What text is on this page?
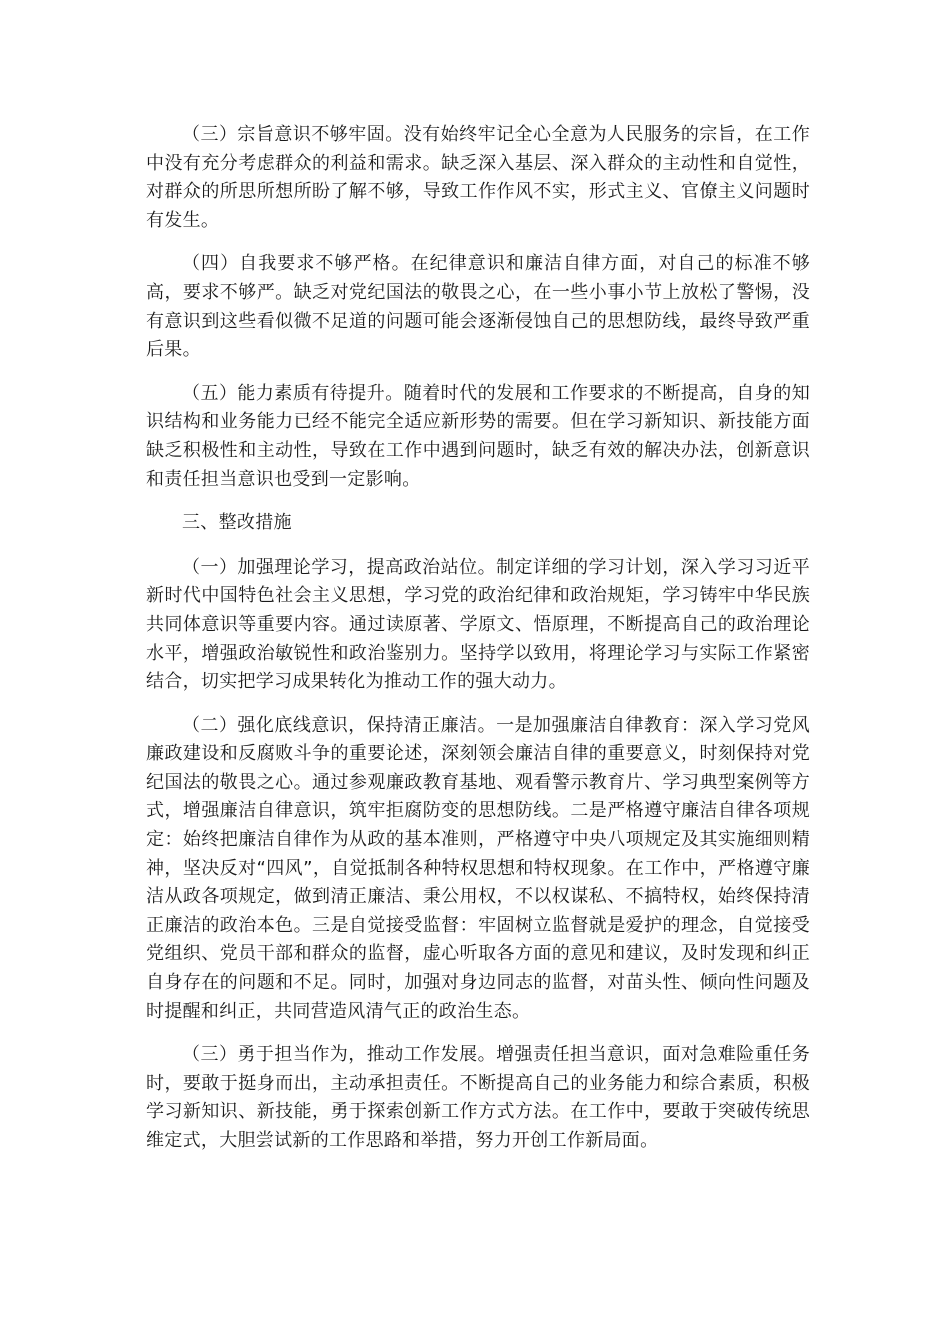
（三）宗旨意识不够牢固。没有始终牢记全心全意为人民服务的宗旨，在工作中没有充分考虑群众的利益和需求。缺乏深入基层、深入群众的主动性和自觉性，对群众的所思所想所盼了解不够，导致工作作风不实，形式主义、官僚主义问题时有发生。

（四）自我要求不够严格。在纪律意识和廉洁自律方面，对自己的标准不够高，要求不够严。缺乏对党纪国法的敬畏之心，在一些小事小节上放松了警惕，没有意识到这些看似微不足道的问题可能会逐渐侵蚀自己的思想防线，最终导致严重后果。

（五）能力素质有待提升。随着时代的发展和工作要求的不断提高，自身的知识结构和业务能力已经不能完全适应新形势的需要。但在学习新知识、新技能方面缺乏积极性和主动性，导致在工作中遇到问题时，缺乏有效的解决办法，创新意识和责任担当意识也受到一定影响。

三、整改措施

（一）加强理论学习，提高政治站位。制定详细的学习计划，深入学习习近平新时代中国特色社会主义思想，学习党的政治纪律和政治规矩，学习铸牢中华民族共同体意识等重要内容。通过读原著、学原文、悟原理，不断提高自己的政治理论水平，增强政治敏锐性和政治鉴别力。坚持学以致用，将理论学习与实际工作紧密结合，切实把学习成果转化为推动工作的强大动力。

（二）强化底线意识，保持清正廉洁。一是加强廉洁自律教育：深入学习党风廉政建设和反腐败斗争的重要论述，深刻领会廉洁自律的重要意义，时刻保持对党纪国法的敬畏之心。通过参观廉政教育基地、观看警示教育片、学习典型案例等方式，增强廉洁自律意识，筑牢拒腐防变的思想防线。二是严格遵守廉洁自律各项规定：始终把廉洁自律作为从政的基本准则，严格遵守中央八项规定及其实施细则精神，坚决反对“四风”，自觉抵制各种特权思想和特权现象。在工作中，严格遵守廉洁从政各项规定，做到清正廉洁、秉公用权，不以权谋私、不搞特权，始终保持清正廉洁的政治本色。三是自觉接受监督：牢固树立监督就是爱护的理念，自觉接受党组织、党员干部和群众的监督，虚心听取各方面的意见和建议，及时发现和纠正自身存在的问题和不足。同时，加强对身边同志的监督，对苗头性、倾向性问题及时提醒和纠正，共同营造风清气正的政治生态。

（三）勇于担当作为，推动工作发展。增强责任担当意识，面对急难险重任务时，要敢于挺身而出，主动承担责任。不断提高自己的业务能力和综合素质，积极学习新知识、新技能，勇于探索创新工作方式方法。在工作中，要敢于突破传统思维定式，大胆尝试新的工作思路和举措，努力开创工作新局面。
